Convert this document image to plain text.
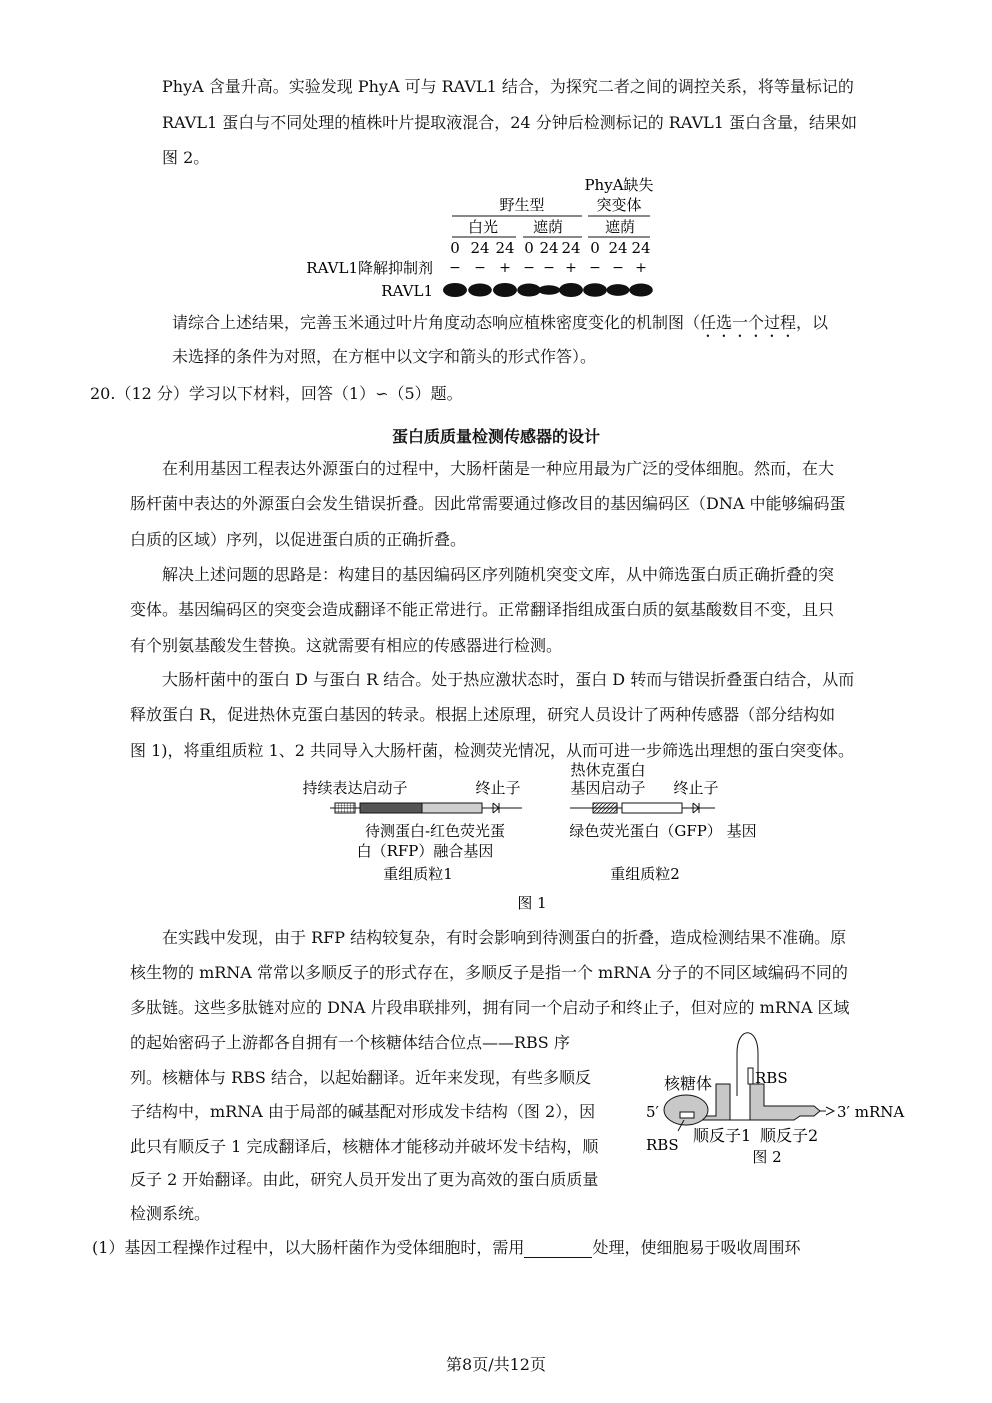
PhyA 含量升高。实验发现 PhyA 可与 RAVL1 结合，为探究二者之间的调控关系，将等量标记的
RAVL1 蛋白与不同处理的植株叶片提取液混合，24 分钟后检测标记的 RAVL1 蛋白含量，结果如
图 2。
PhyA缺失
野生型	突变体
白光 遮荫	遮荫
0 24 24 0 24 24 0 24 24
RAVL1降解抑制剂 − − + − − + − − +
RAVL1
请综合上述结果，完善玉米通过叶片角度动态响应植株密度变化的机制图（任选一个过程，以
未选择的条件为对照，在方框中以文字和箭头的形式作答）。
20.（12 分）学习以下材料，回答（1）∽（5）题。
蛋白质质量检测传感器的设计
在利用基因工程表达外源蛋白的过程中，大肠杆菌是一种应用最为广泛的受体细胞。然而，在大
肠杆菌中表达的外源蛋白会发生错误折叠。因此常需要通过修改目的基因编码区（DNA 中能够编码蛋
白质的区域）序列，以促进蛋白质的正确折叠。
解决上述问题的思路是：构建目的基因编码区序列随机突变文库，从中筛选蛋白质正确折叠的突
变体。基因编码区的突变会造成翻译不能正常进行。正常翻译指组成蛋白质的氨基酸数目不变，且只
有个别氨基酸发生替换。这就需要有相应的传感器进行检测。
大肠杆菌中的蛋白 D 与蛋白 R 结合。处于热应激状态时，蛋白 D 转而与错误折叠蛋白结合，从而
释放蛋白 R，促进热休克蛋白基因的转录。根据上述原理，研究人员设计了两种传感器（部分结构如
图 1)，将重组质粒 1、2 共同导入大肠杆菌，检测荧光情况，从而可进一步筛选出理想的蛋白突变体。
持续表达启动子	终止子
待测蛋白-红色荧光蛋
白（RFP）融合基因
重组质粒1
热休克蛋白
基因启动子 终止子
绿色荧光蛋白（GFP） 基因
重组质粒2
图 1
在实践中发现，由于 RFP 结构较复杂，有时会影响到待测蛋白的折叠，造成检测结果不准确。原
核生物的 mRNA 常常以多顺反子的形式存在，多顺反子是指一个 mRNA 分子的不同区域编码不同的
多肽链。这些多肽链对应的 DNA 片段串联排列，拥有同一个启动子和终止子，但对应的 mRNA 区域
的起始密码子上游都各自拥有一个核糖体结合位点——RBS 序
列。核糖体与 RBS 结合，以起始翻译。近年来发现，有些多顺反
子结构中，mRNA 由于局部的碱基配对形成发卡结构（图 2），因
此只有顺反子 1 完成翻译后，核糖体才能移动并破坏发卡结构，顺
反子 2 开始翻译。由此，研究人员开发出了更为高效的蛋白质质量
检测系统。
核糖体	RBS
5′	3′ mRNA
RBS 顺反子1 顺反子2
图 2
(1）基因工程操作过程中，以大肠杆菌作为受体细胞时，需用	处理，使细胞易于吸收周围环
第8页/共12页
